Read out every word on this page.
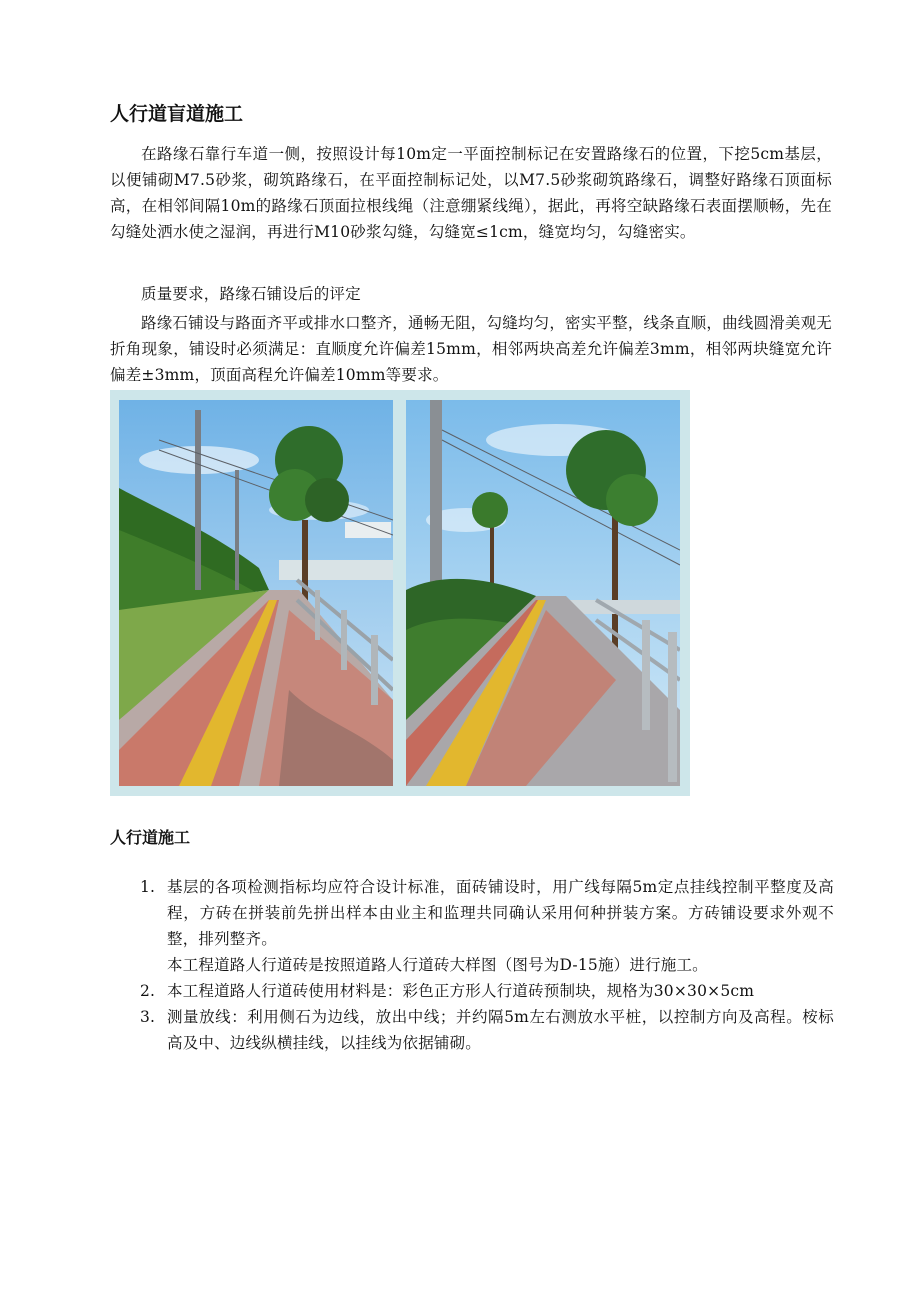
人行道盲道施工

在路缘石靠行车道一侧，按照设计每10m定一平面控制标记在安置路缘石的位置，下挖5cm基层，以便铺砌M7.5砂浆，砌筑路缘石，在平面控制标记处，以M7.5砂浆砌筑路缘石，调整好路缘石顶面标高，在相邻间隔10m的路缘石顶面拉根线绳（注意绷紧线绳），据此，再将空缺路缘石表面摆顺畅，先在勾缝处洒水使之湿润，再进行M10砂浆勾缝，勾缝宽≤1cm，缝宽均匀，勾缝密实。

质量要求，路缘石铺设后的评定

路缘石铺设与路面齐平或排水口整齐，通畅无阻，勾缝均匀，密实平整，线条直顺，曲线圆滑美观无折角现象，铺设时必须满足：直顺度允许偏差15mm，相邻两块高差允许偏差3mm，相邻两块缝宽允许偏差±3mm，顶面高程允许偏差10mm等要求。

人行道施工
1. 基层的各项检测指标均应符合设计标准，面砖铺设时，用广线每隔5m定点挂线控制平整度及高程，方砖在拼装前先拼出样本由业主和监理共同确认采用何种拼装方案。方砖铺设要求外观不整，排列整齐。
本工程道路人行道砖是按照道路人行道砖大样图（图号为D-15施）进行施工。
2. 本工程道路人行道砖使用材料是：彩色正方形人行道砖预制块，规格为30×30×5cm
3. 测量放线：利用侧石为边线，放出中线；并约隔5m左右测放水平桩，以控制方向及高程。桉标高及中、边线纵横挂线，以挂线为依据铺砌。
